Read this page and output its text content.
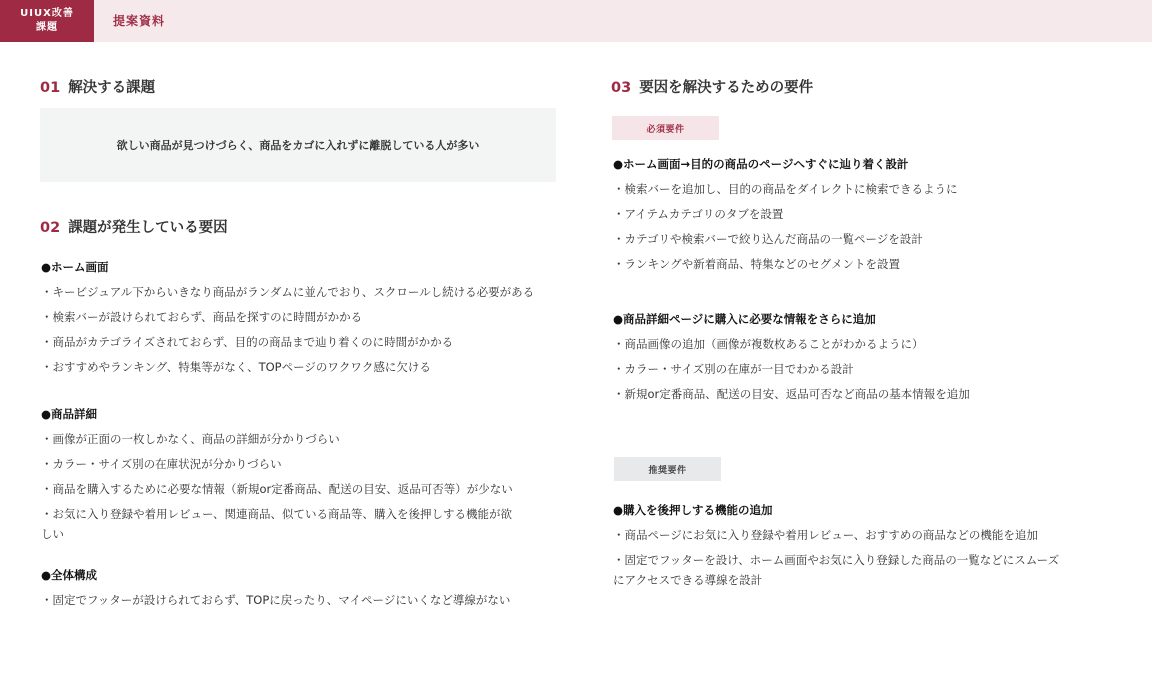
UIUX改善
課題	提案資料
01 解決する課題
欲しい商品が見つけづらく、商品をカゴに入れずに離脱している人が多い
02 課題が発生している要因
●ホーム画面
・キービジュアル下からいきなり商品がランダムに並んでおり、スクロールし続ける必要がある
・検索バーが設けられておらず、商品を探すのに時間がかかる
・商品がカテゴライズされておらず、目的の商品まで辿り着くのに時間がかかる
・おすすめやランキング、特集等がなく、TOPページのワクワク感に欠ける
●商品詳細
・画像が正面の一枚しかなく、商品の詳細が分かりづらい
・カラー・サイズ別の在庫状況が分かりづらい
・商品を購入するために必要な情報（新規or定番商品、配送の目安、返品可否等）が少ない
・お気に入り登録や着用レビュー、関連商品、似ている商品等、購入を後押しする機能が欲
しい
●全体構成
・固定でフッターが設けられておらず、TOPに戻ったり、マイページにいくなど導線がない
03 要因を解決するための要件
必須要件
●ホーム画面→目的の商品のページへすぐに辿り着く設計
・検索バーを追加し、目的の商品をダイレクトに検索できるように
・アイテムカテゴリのタブを設置
・カテゴリや検索バーで絞り込んだ商品の一覧ページを設計
・ランキングや新着商品、特集などのセグメントを設置
●商品詳細ページに購入に必要な情報をさらに追加
・商品画像の追加（画像が複数枚あることがわかるように）
・カラー・サイズ別の在庫が一目でわかる設計
・新規or定番商品、配送の目安、返品可否など商品の基本情報を追加
推奨要件
●購入を後押しする機能の追加
・商品ページにお気に入り登録や着用レビュー、おすすめの商品などの機能を追加
・固定でフッターを設け、ホーム画面やお気に入り登録した商品の一覧などにスムーズ
にアクセスできる導線を設計
